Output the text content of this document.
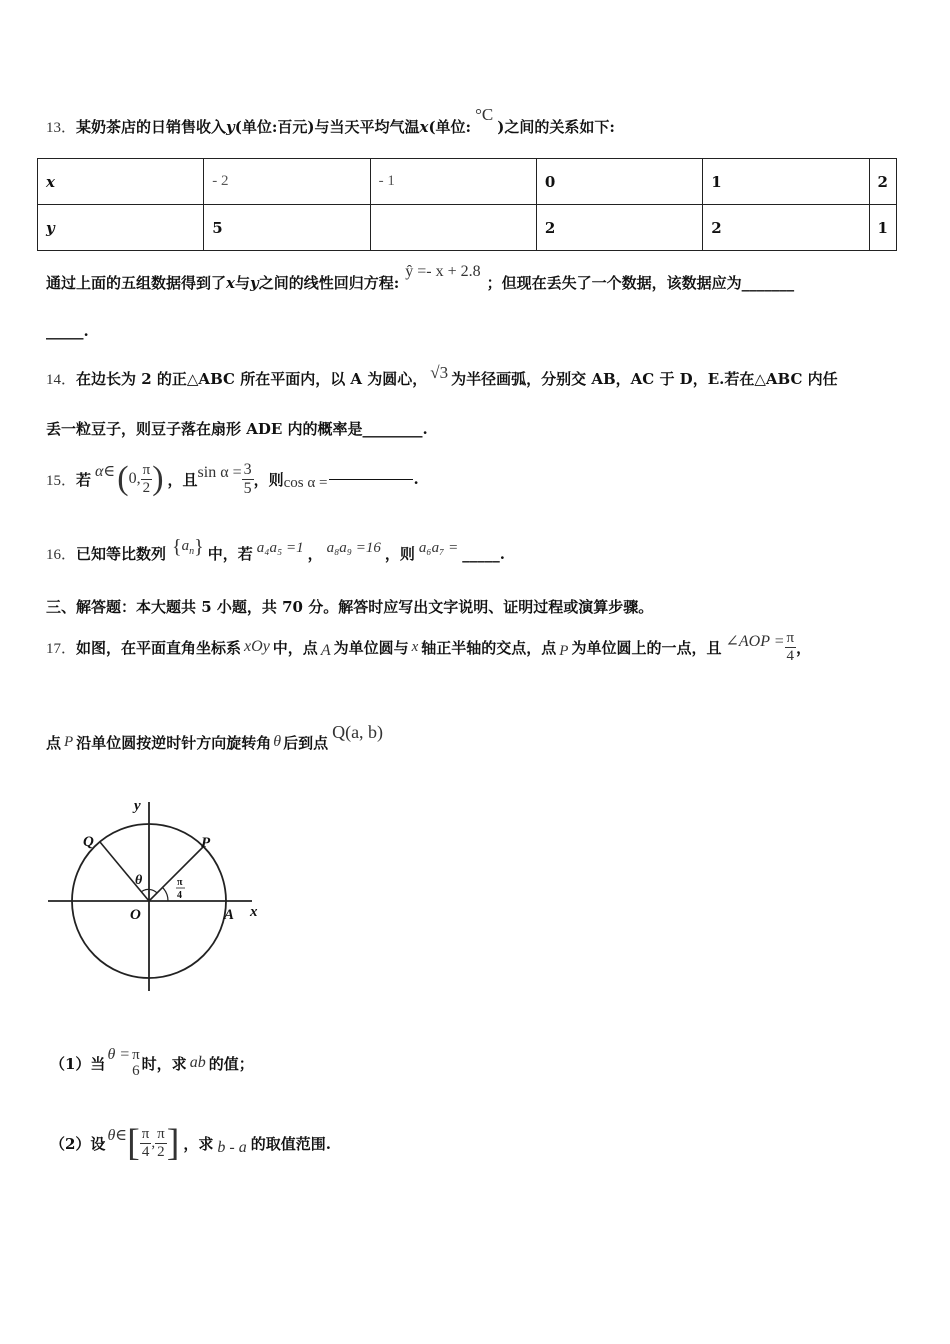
13．某奶茶店的日销售收入y(单位:百元)与当天平均气温x(单位:°C)之间的关系如下:
x	- 2	- 1	0	1	2
y	5		2	2	1
通过上面的五组数据得到了x与y之间的线性回归方程:ŷ =- x + 2.8；但现在丢失了一个数据，该数据应为_______
_____.
14．在边长为 2 的正△ABC 所在平面内，以 A 为圆心， √3 为半径画弧，分别交 AB，AC 于 D，E.若在△ABC 内任
丢一粒豆子，则豆子落在扇形 ADE 内的概率是________.
15． 若 α∈ ( 0, $\frac{\pi}{2}$ ) ，且 $\sin \alpha = \frac{3}{5}$ ，则 cos α =	.
16． 已知等比数列 { $a_n$ } 中，若 a₄a₅ =1 ， a₈a₉ =16 ，则 a₆a₇ = _____.
三、解答题：本大题共 5 小题，共 70 分。解答时应写出文字说明、证明过程或演算步骤。
17． 如图，在平面直角坐标系 xOy 中，点 A 为单位圆与 x 轴正半轴的交点，点 P 为单位圆上的一点，且 ∠AOP = $\frac{\pi}{4}$ ，
点 P 沿单位圆按逆时针方向旋转角 θ 后到点
Q(a, b)
y
x
O	A
P
Q
θ	π
4
（1）当 θ = π
6 时，求 ab 的值；
（2）设 θ∈ [ $\frac{\pi}{4}$ , $\frac{\pi}{2}$ ] ，求 b - a 的取值范围.
